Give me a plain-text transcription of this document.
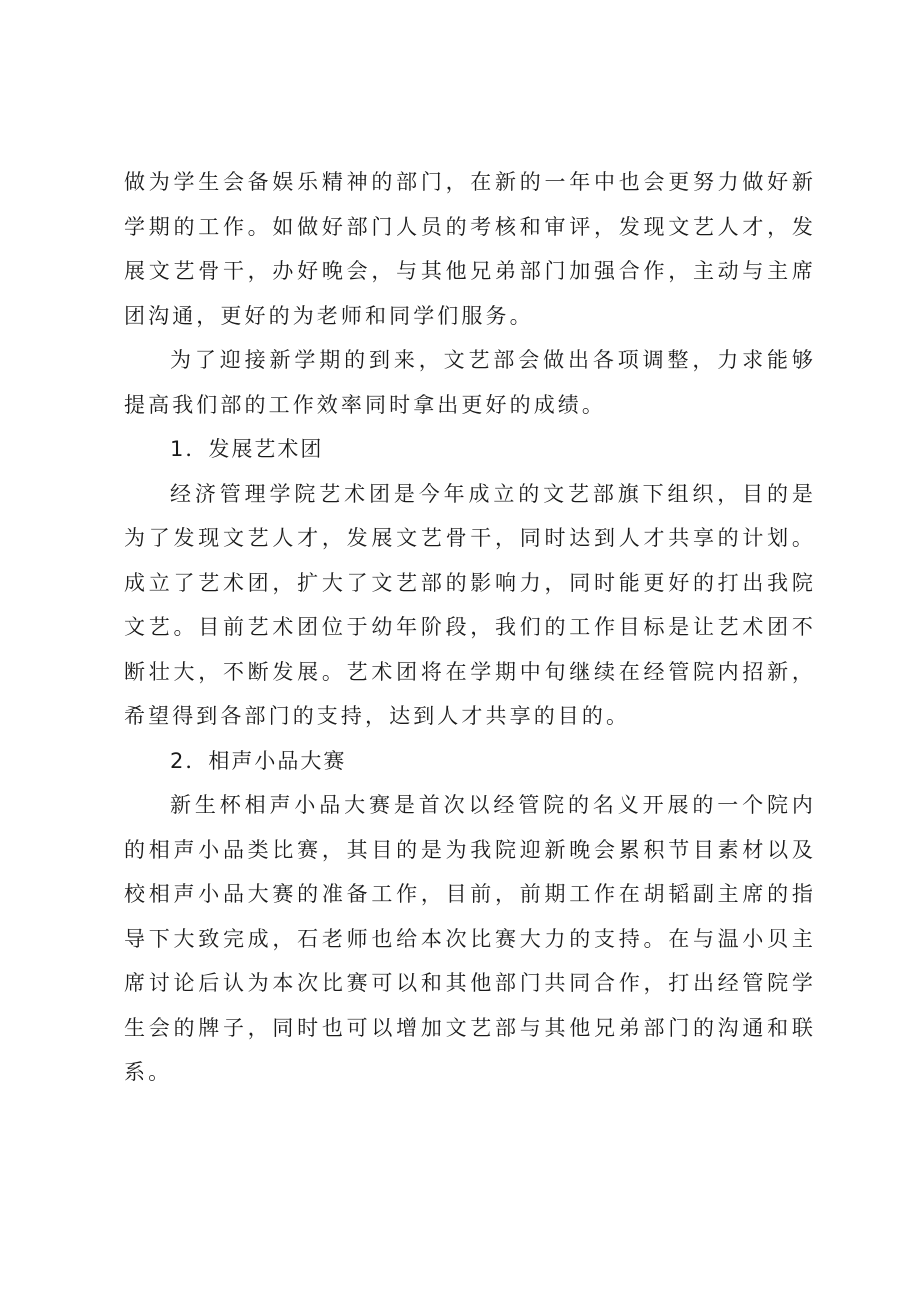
做为学生会备娱乐精神的部门，在新的一年中也会更努力做好新学期的工作。如做好部门人员的考核和审评，发现文艺人才，发展文艺骨干，办好晚会，与其他兄弟部门加强合作，主动与主席团沟通，更好的为老师和同学们服务。

为了迎接新学期的到来，文艺部会做出各项调整，力求能够提高我们部的工作效率同时拿出更好的成绩。

1．发展艺术团

经济管理学院艺术团是今年成立的文艺部旗下组织，目的是为了发现文艺人才，发展文艺骨干，同时达到人才共享的计划。成立了艺术团，扩大了文艺部的影响力，同时能更好的打出我院文艺。目前艺术团位于幼年阶段，我们的工作目标是让艺术团不断壮大，不断发展。艺术团将在学期中旬继续在经管院内招新，希望得到各部门的支持，达到人才共享的目的。

2．相声小品大赛

新生杯相声小品大赛是首次以经管院的名义开展的一个院内的相声小品类比赛，其目的是为我院迎新晚会累积节目素材以及校相声小品大赛的准备工作，目前，前期工作在胡韬副主席的指导下大致完成，石老师也给本次比赛大力的支持。在与温小贝主席讨论后认为本次比赛可以和其他部门共同合作，打出经管院学生会的牌子，同时也可以增加文艺部与其他兄弟部门的沟通和联系。
